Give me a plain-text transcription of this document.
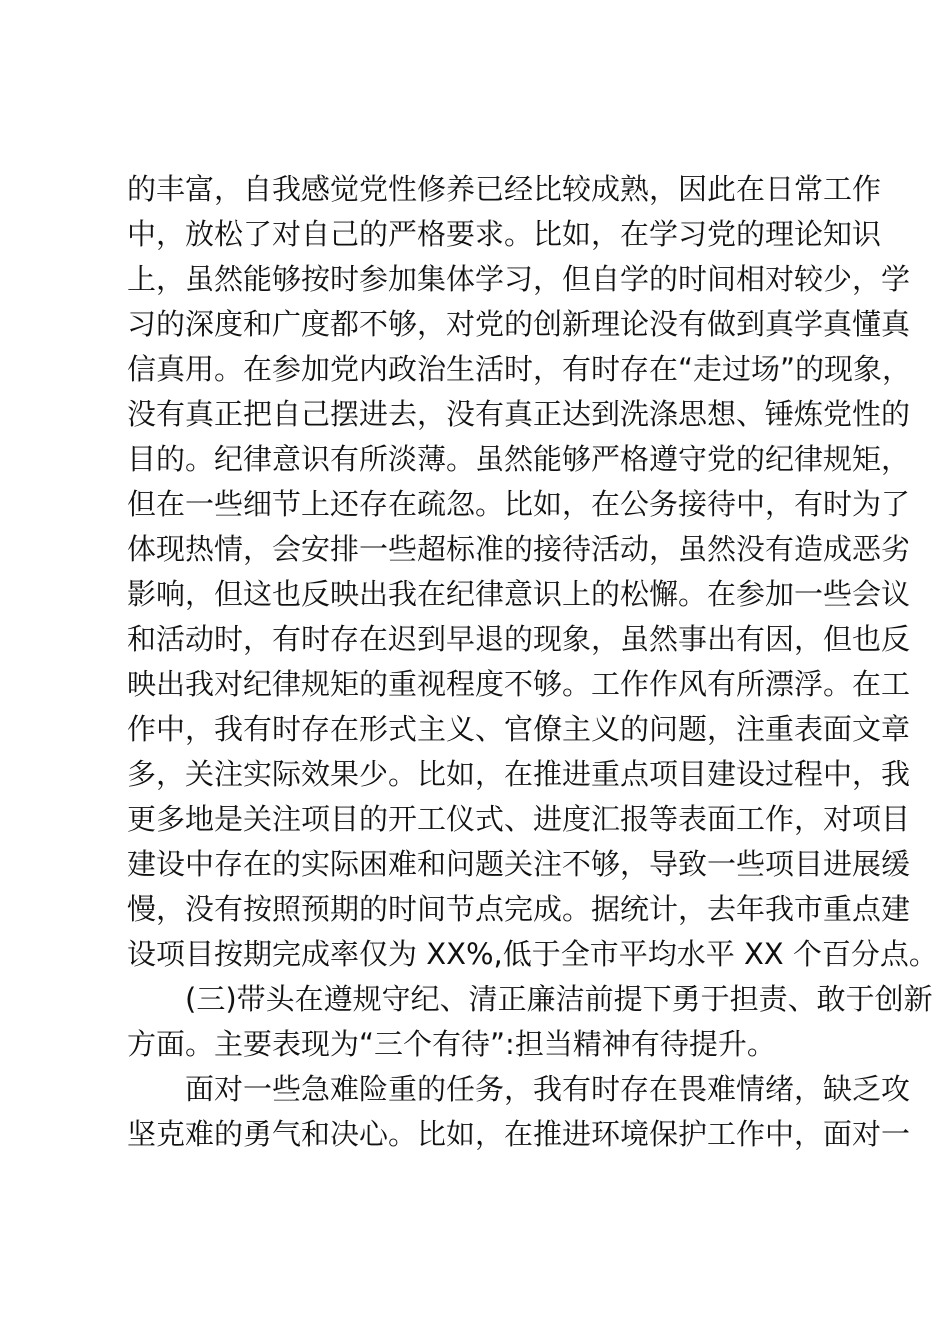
的丰富，自我感觉党性修养已经比较成熟，因此在日常工作
中，放松了对自己的严格要求。比如，在学习党的理论知识
上，虽然能够按时参加集体学习，但自学的时间相对较少，学
习的深度和广度都不够，对党的创新理论没有做到真学真懂真
信真用。在参加党内政治生活时，有时存在“走过场”的现象，
没有真正把自己摆进去，没有真正达到洗涤思想、锤炼党性的
目的。纪律意识有所淡薄。虽然能够严格遵守党的纪律规矩，
但在一些细节上还存在疏忽。比如，在公务接待中，有时为了
体现热情，会安排一些超标准的接待活动，虽然没有造成恶劣
影响，但这也反映出我在纪律意识上的松懈。在参加一些会议
和活动时，有时存在迟到早退的现象，虽然事出有因，但也反
映出我对纪律规矩的重视程度不够。工作作风有所漂浮。在工
作中，我有时存在形式主义、官僚主义的问题，注重表面文章
多，关注实际效果少。比如，在推进重点项目建设过程中，我
更多地是关注项目的开工仪式、进度汇报等表面工作，对项目
建设中存在的实际困难和问题关注不够，导致一些项目进展缓
慢，没有按照预期的时间节点完成。据统计，去年我市重点建
设项目按期完成率仅为 XX%,低于全市平均水平 XX 个百分点。
(三)带头在遵规守纪、清正廉洁前提下勇于担责、敢于创新
方面。主要表现为“三个有待”:担当精神有待提升。
面对一些急难险重的任务，我有时存在畏难情绪，缺乏攻
坚克难的勇气和决心。比如，在推进环境保护工作中，面对一
